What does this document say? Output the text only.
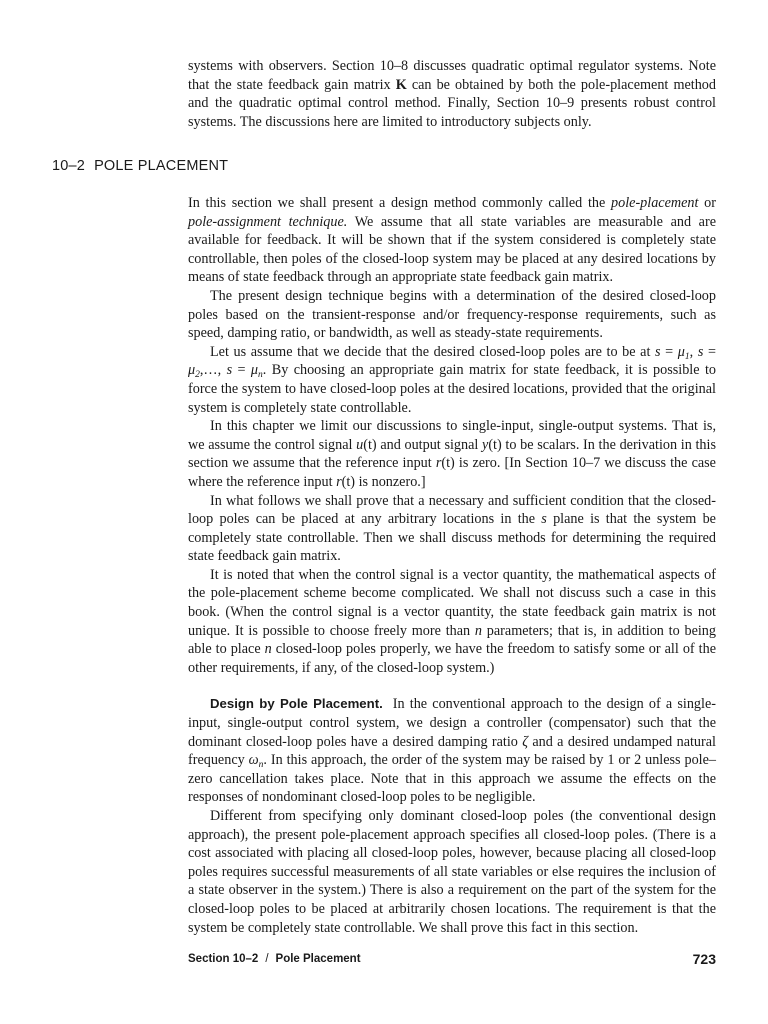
systems with observers. Section 10–8 discusses quadratic optimal regulator systems. Note that the state feedback gain matrix K can be obtained by both the pole-placement method and the quadratic optimal control method. Finally, Section 10–9 presents robust control systems. The discussions here are limited to introductory subjects only.

10–2 POLE PLACEMENT

In this section we shall present a design method commonly called the pole-placement or pole-assignment technique. We assume that all state variables are measurable and are available for feedback. It will be shown that if the system considered is completely state controllable, then poles of the closed-loop system may be placed at any desired locations by means of state feedback through an appropriate state feedback gain matrix.

The present design technique begins with a determination of the desired closed-loop poles based on the transient-response and/or frequency-response requirements, such as speed, damping ratio, or bandwidth, as well as steady-state requirements.

Let us assume that we decide that the desired closed-loop poles are to be at $s = \mu_1$, $s = \mu_2,\dots$, $s = \mu_n$. By choosing an appropriate gain matrix for state feedback, it is possible to force the system to have closed-loop poles at the desired locations, provided that the original system is completely state controllable.

In this chapter we limit our discussions to single-input, single-output systems. That is, we assume the control signal u(t) and output signal y(t) to be scalars. In the derivation in this section we assume that the reference input r(t) is zero. [In Section 10–7 we discuss the case where the reference input r(t) is nonzero.]

In what follows we shall prove that a necessary and sufficient condition that the closed-loop poles can be placed at any arbitrary locations in the s plane is that the system be completely state controllable. Then we shall discuss methods for determining the required state feedback gain matrix.

It is noted that when the control signal is a vector quantity, the mathematical aspects of the pole-placement scheme become complicated. We shall not discuss such a case in this book. (When the control signal is a vector quantity, the state feedback gain matrix is not unique. It is possible to choose freely more than n parameters; that is, in addition to being able to place n closed-loop poles properly, we have the freedom to satisfy some or all of the other requirements, if any, of the closed-loop system.)

Design by Pole Placement. In the conventional approach to the design of a single-input, single-output control system, we design a controller (compensator) such that the dominant closed-loop poles have a desired damping ratio ζ and a desired undamped natural frequency $\omega_n$. In this approach, the order of the system may be raised by 1 or 2 unless pole–zero cancellation takes place. Note that in this approach we assume the effects on the responses of nondominant closed-loop poles to be negligible.

Different from specifying only dominant closed-loop poles (the conventional design approach), the present pole-placement approach specifies all closed-loop poles. (There is a cost associated with placing all closed-loop poles, however, because placing all closed-loop poles requires successful measurements of all state variables or else requires the inclusion of a state observer in the system.) There is also a requirement on the part of the system for the closed-loop poles to be placed at arbitrarily chosen locations. The requirement is that the system be completely state controllable. We shall prove this fact in this section.

Section 10–2 / Pole Placement	723
